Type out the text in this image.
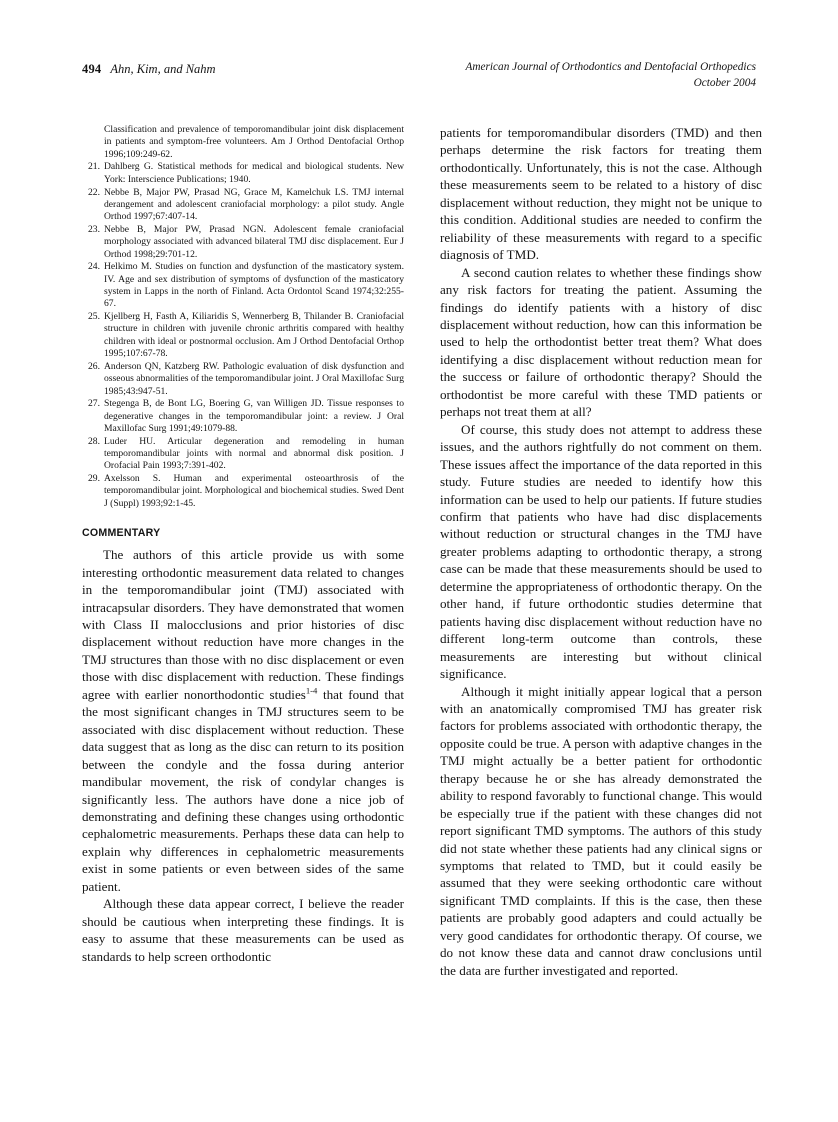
494 Ahn, Kim, and Nahm	American Journal of Orthodontics and Dentofacial Orthopedics
October 2004
Classification and prevalence of temporomandibular joint disk displacement in patients and symptom-free volunteers. Am J Orthod Dentofacial Orthop 1996;109:249-62.
21. Dahlberg G. Statistical methods for medical and biological students. New York: Interscience Publications; 1940.
22. Nebbe B, Major PW, Prasad NG, Grace M, Kamelchuk LS. TMJ internal derangement and adolescent craniofacial morphology: a pilot study. Angle Orthod 1997;67:407-14.
23. Nebbe B, Major PW, Prasad NGN. Adolescent female craniofacial morphology associated with advanced bilateral TMJ disc displacement. Eur J Orthod 1998;29:701-12.
24. Helkimo M. Studies on function and dysfunction of the masticatory system. IV. Age and sex distribution of symptoms of dysfunction of the masticatory system in Lapps in the north of Finland. Acta Ordontol Scand 1974;32:255-67.
25. Kjellberg H, Fasth A, Kiliaridis S, Wennerberg B, Thilander B. Craniofacial structure in children with juvenile chronic arthritis compared with healthy children with ideal or postnormal occlusion. Am J Orthod Dentofacial Orthop 1995;107:67-78.
26. Anderson QN, Katzberg RW. Pathologic evaluation of disk dysfunction and osseous abnormalities of the temporomandibular joint. J Oral Maxillofac Surg 1985;43:947-51.
27. Stegenga B, de Bont LG, Boering G, van Willigen JD. Tissue responses to degenerative changes in the temporomandibular joint: a review. J Oral Maxillofac Surg 1991;49:1079-88.
28. Luder HU. Articular degeneration and remodeling in human temporomandibular joints with normal and abnormal disk position. J Orofacial Pain 1993;7:391-402.
29. Axelsson S. Human and experimental osteoarthrosis of the temporomandibular joint. Morphological and biochemical studies. Swed Dent J (Suppl) 1993;92:1-45.
COMMENTARY

The authors of this article provide us with some interesting orthodontic measurement data related to changes in the temporomandibular joint (TMJ) associated with intracapsular disorders. They have demonstrated that women with Class II malocclusions and prior histories of disc displacement without reduction have more changes in the TMJ structures than those with no disc displacement or even those with disc displacement with reduction. These findings agree with earlier nonorthodontic studies$^{1-4}$ that found that the most significant changes in TMJ structures seem to be associated with disc displacement without reduction. These data suggest that as long as the disc can return to its position between the condyle and the fossa during anterior mandibular movement, the risk of condylar changes is significantly less. The authors have done a nice job of demonstrating and defining these changes using orthodontic cephalometric measurements. Perhaps these data can help to explain why differences in cephalometric measurements exist in some patients or even between sides of the same patient.

Although these data appear correct, I believe the reader should be cautious when interpreting these findings. It is easy to assume that these measurements can be used as standards to help screen orthodontic

patients for temporomandibular disorders (TMD) and then perhaps determine the risk factors for treating them orthodontically. Unfortunately, this is not the case. Although these measurements seem to be related to a history of disc displacement without reduction, they might not be unique to this condition. Additional studies are needed to confirm the reliability of these measurements with regard to a specific diagnosis of TMD.

A second caution relates to whether these findings show any risk factors for treating the patient. Assuming the findings do identify patients with a history of disc displacement without reduction, how can this information be used to help the orthodontist better treat them? What does identifying a disc displacement without reduction mean for the success or failure of orthodontic therapy? Should the orthodontist be more careful with these TMD patients or perhaps not treat them at all?

Of course, this study does not attempt to address these issues, and the authors rightfully do not comment on them. These issues affect the importance of the data reported in this study. Future studies are needed to identify how this information can be used to help our patients. If future studies confirm that patients who have had disc displacements without reduction or structural changes in the TMJ have greater problems adapting to orthodontic therapy, a strong case can be made that these measurements should be used to determine the appropriateness of orthodontic therapy. On the other hand, if future orthodontic studies determine that patients having disc displacement without reduction have no different long-term outcome than controls, these measurements are interesting but without clinical significance.

Although it might initially appear logical that a person with an anatomically compromised TMJ has greater risk factors for problems associated with orthodontic therapy, the opposite could be true. A person with adaptive changes in the TMJ might actually be a better patient for orthodontic therapy because he or she has already demonstrated the ability to respond favorably to functional change. This would be especially true if the patient with these changes did not report significant TMD symptoms. The authors of this study did not state whether these patients had any clinical signs or symptoms that related to TMD, but it could easily be assumed that they were seeking orthodontic care without significant TMD complaints. If this is the case, then these patients are probably good adapters and could actually be very good candidates for orthodontic therapy. Of course, we do not know these data and cannot draw conclusions until the data are further investigated and reported.
